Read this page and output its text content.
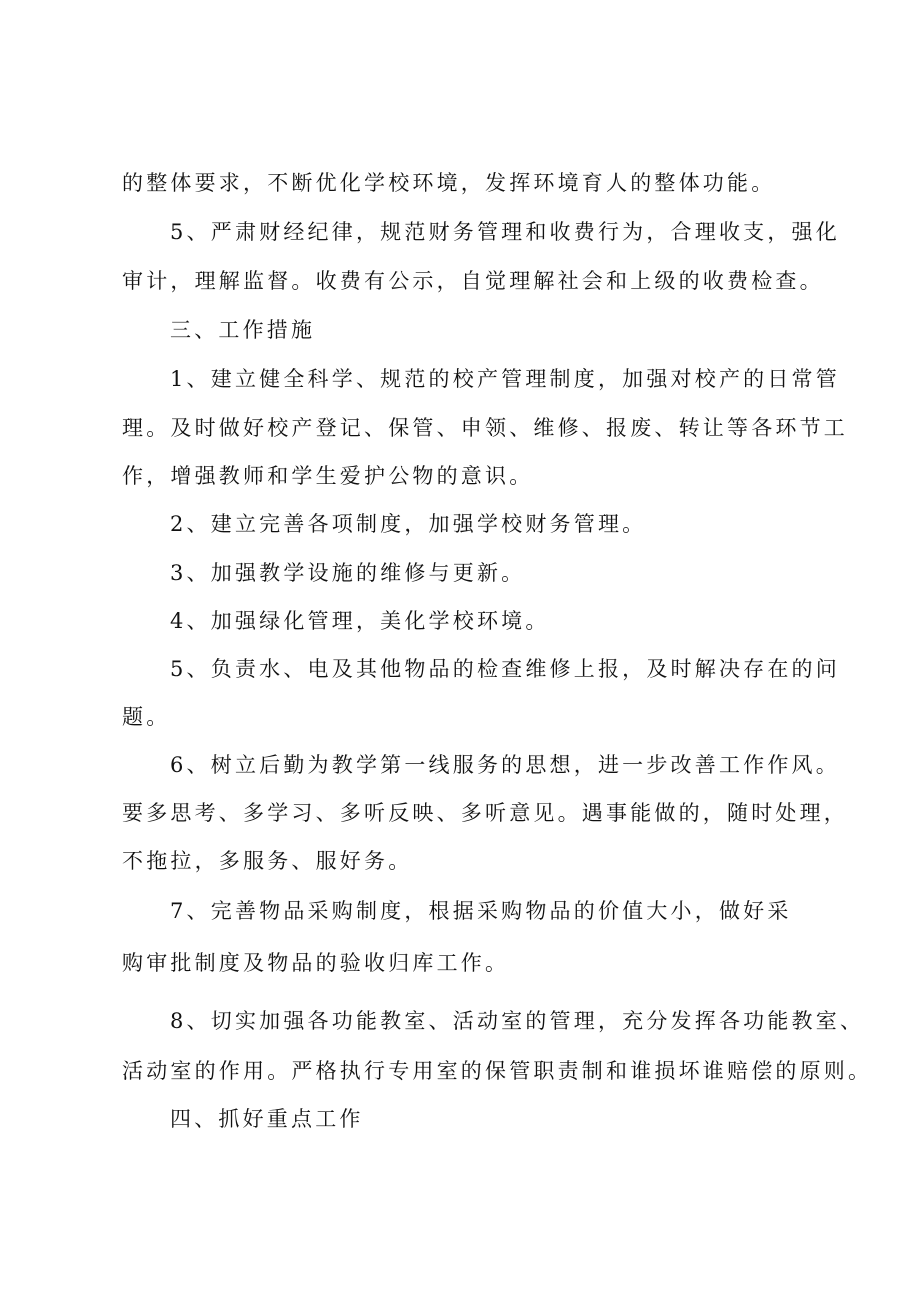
的整体要求，不断优化学校环境，发挥环境育人的整体功能。
5、严肃财经纪律，规范财务管理和收费行为，合理收支，强化
审计，理解监督。收费有公示，自觉理解社会和上级的收费检查。
三、工作措施
1、建立健全科学、规范的校产管理制度，加强对校产的日常管
理。及时做好校产登记、保管、申领、维修、报废、转让等各环节工
作，增强教师和学生爱护公物的意识。
2、建立完善各项制度，加强学校财务管理。
3、加强教学设施的维修与更新。
4、加强绿化管理，美化学校环境。
5、负责水、电及其他物品的检查维修上报，及时解决存在的问
题。
6、树立后勤为教学第一线服务的思想，进一步改善工作作风。
要多思考、多学习、多听反映、多听意见。遇事能做的，随时处理，
不拖拉，多服务、服好务。
7、完善物品采购制度，根据采购物品的价值大小，做好采
购审批制度及物品的验收归库工作。
8、切实加强各功能教室、活动室的管理，充分发挥各功能教室、
活动室的作用。严格执行专用室的保管职责制和谁损坏谁赔偿的原则。
四、抓好重点工作
